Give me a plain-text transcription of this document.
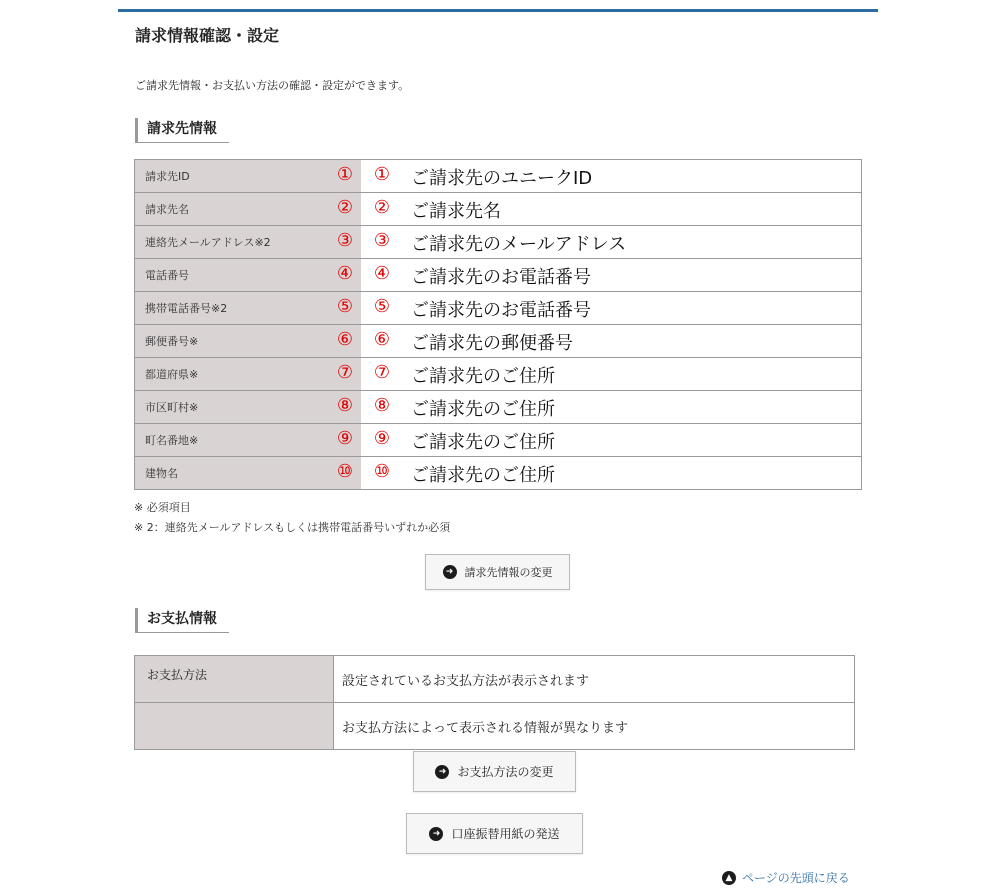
請求情報確認・設定
ご請求先情報・お支払い方法の確認・設定ができます。
請求先情報
請求先ID	① ① ご請求先のユニークID

請求先名	② ② ご請求先名

連絡先メールアドレス※2	③ ③ ご請求先のメールアドレス

電話番号	④ ④ ご請求先のお電話番号

携帯電話番号※2	⑤ ⑤ ご請求先のお電話番号

郵便番号※	⑥ ⑥ ご請求先の郵便番号

都道府県※	⑦ ⑦ ご請求先のご住所

市区町村※	⑧ ⑧ ご請求先のご住所

町名番地※	⑨ ⑨ ご請求先のご住所

建物名	⑩ ⑩ ご請求先のご住所
※ 必須項目
※ 2：連絡先メールアドレスもしくは携帯電話番号いずれか必須
➜ 請求先情報の変更
お支払情報
お支払方法	設定されているお支払方法が表示されます
	お支払方法によって表示される情報が異なります
➜ お支払方法の変更
➜ 口座振替用紙の発送
▲ ページの先頭に戻る
